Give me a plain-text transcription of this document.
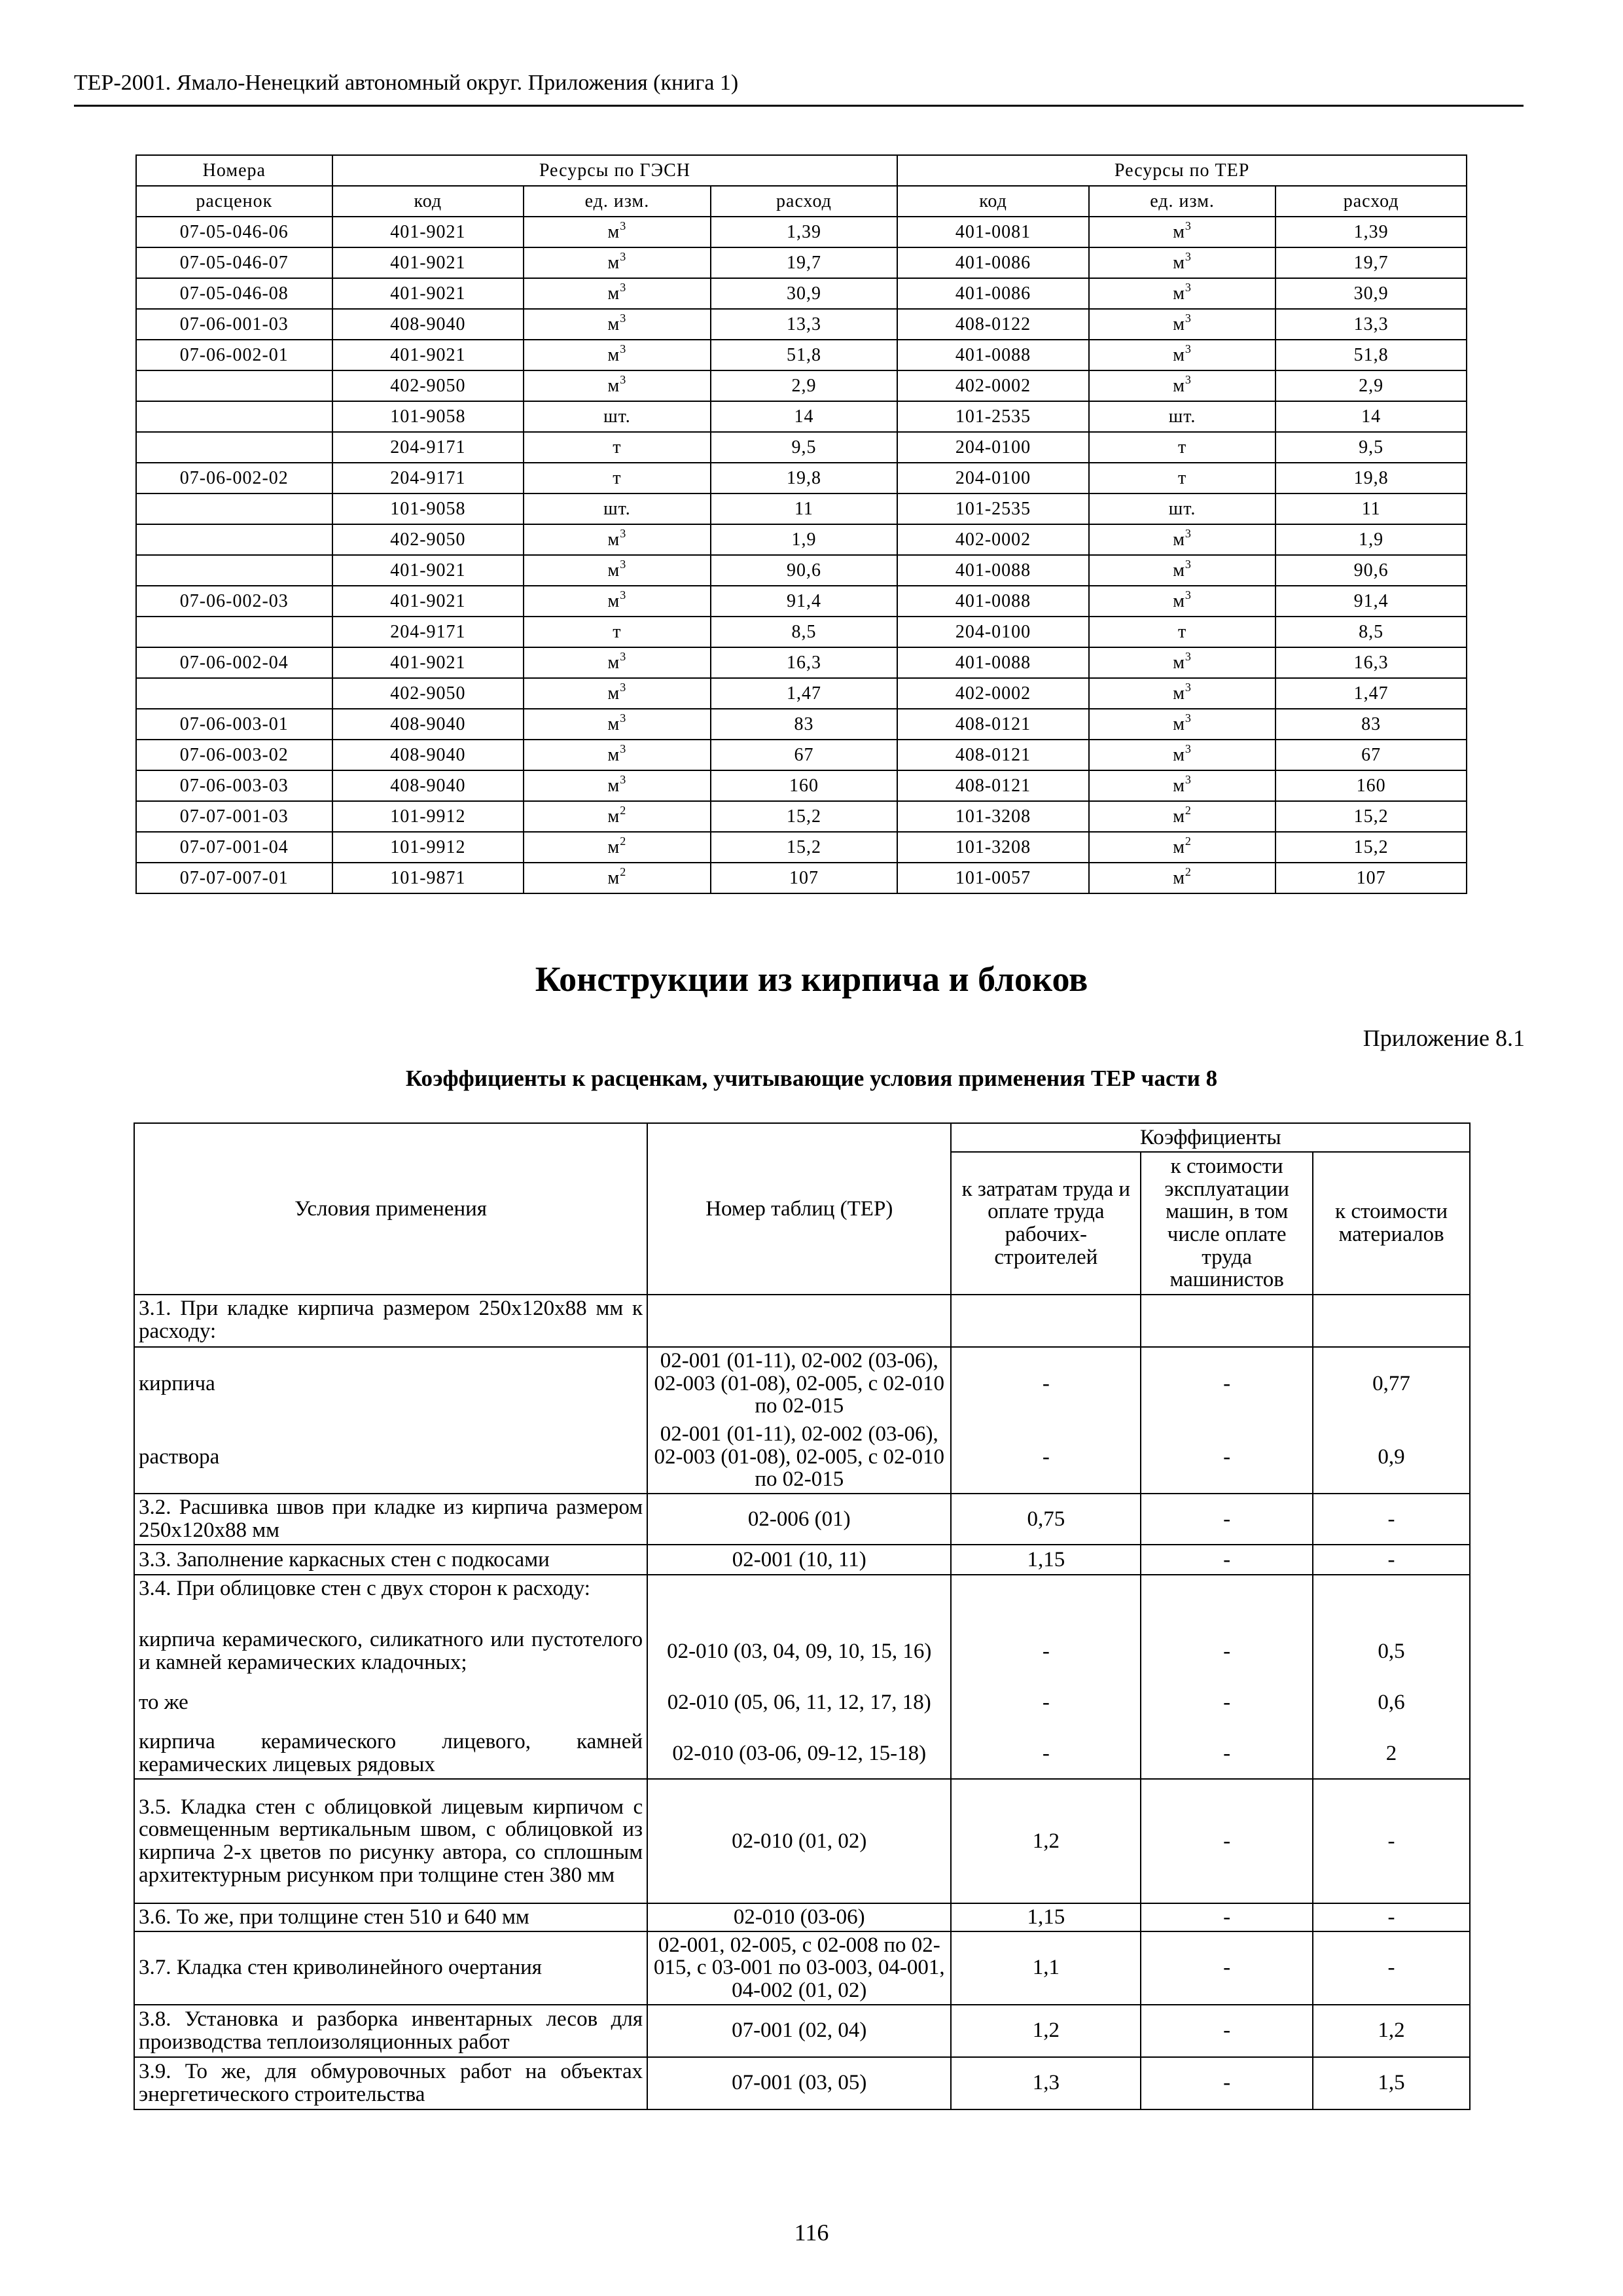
ТЕР-2001. Ямало-Ненецкий автономный округ. Приложения (книга 1)
Номера	Ресурсы по ГЭСН			Ресурсы по ТЕР		
расценок	код	ед. изм.	расход	код	ед. изм.	расход
07-05-046-06	401-9021	$м^3$	1,39	401-0081	$м^3$	1,39
07-05-046-07	401-9021	$м^3$	19,7	401-0086	$м^3$	19,7
07-05-046-08	401-9021	$м^3$	30,9	401-0086	$м^3$	30,9
07-06-001-03	408-9040	$м^3$	13,3	408-0122	$м^3$	13,3
07-06-002-01	401-9021	$м^3$	51,8	401-0088	$м^3$	51,8
	402-9050	$м^3$	2,9	402-0002	$м^3$	2,9
	101-9058	шт.	14	101-2535	шт.	14
	204-9171	т	9,5	204-0100	т	9,5
07-06-002-02	204-9171	т	19,8	204-0100	т	19,8
	101-9058	шт.	11	101-2535	шт.	11
	402-9050	$м^3$	1,9	402-0002	$м^3$	1,9
	401-9021	$м^3$	90,6	401-0088	$м^3$	90,6
07-06-002-03	401-9021	$м^3$	91,4	401-0088	$м^3$	91,4
	204-9171	т	8,5	204-0100	т	8,5
07-06-002-04	401-9021	$м^3$	16,3	401-0088	$м^3$	16,3
	402-9050	$м^3$	1,47	402-0002	$м^3$	1,47
07-06-003-01	408-9040	$м^3$	83	408-0121	$м^3$	83
07-06-003-02	408-9040	$м^3$	67	408-0121	$м^3$	67
07-06-003-03	408-9040	$м^3$	160	408-0121	$м^3$	160
07-07-001-03	101-9912	$м^2$	15,2	101-3208	$м^2$	15,2
07-07-001-04	101-9912	$м^2$	15,2	101-3208	$м^2$	15,2
07-07-007-01	101-9871	$м^2$	107	101-0057	$м^2$	107
Конструкции из кирпича и блоков
Приложение 8.1
Коэффициенты к расценкам, учитывающие условия применения ТЕР части 8
Условия применения	Номер таблиц (ТЕР)	Коэффициенты		
		к затратам труда и оплате труда рабочих-строителей	к стоимости эксплуатации машин, в том числе оплате труда машинистов	к стоимости материалов
3.1. При кладке кирпича размером 250х120х88 мм к расходу:				
кирпича	02-001 (01-11), 02-002 (03-06), 02-003 (01-08), 02-005, с 02-010 по 02-015	-	-	0,77
раствора	02-001 (01-11), 02-002 (03-06), 02-003 (01-08), 02-005, с 02-010 по 02-015	-	-	0,9
3.2. Расшивка швов при кладке из кирпича размером 250х120х88 мм	02-006 (01)	0,75	-	-
3.3. Заполнение каркасных стен с подкосами	02-001 (10, 11)	1,15	-	-
3.4. При облицовке стен с двух сторон к расходу:				
кирпича керамического, силикатного или пустотелого и камней керамических кладочных;	02-010 (03, 04, 09, 10, 15, 16)	-	-	0,5
то же	02-010 (05, 06, 11, 12, 17, 18)	-	-	0,6
кирпича керамического лицевого, камней керамических лицевых рядовых	02-010 (03-06, 09-12, 15-18)	-	-	2
3.5. Кладка стен с облицовкой лицевым кирпичом с совмещенным вертикальным швом, с облицовкой из кирпича 2-х цветов по рисунку автора, со сплошным архитектурным рисунком при толщине стен 380 мм	02-010 (01, 02)	1,2	-	-
3.6. То же, при толщине стен 510 и 640 мм	02-010 (03-06)	1,15	-	-
3.7. Кладка стен криволинейного очертания	02-001, 02-005, с 02-008 по 02-015, с 03-001 по 03-003, 04-001, 04-002 (01, 02)	1,1	-	-
3.8. Установка и разборка инвентарных лесов для производства теплоизоляционных работ	07-001 (02, 04)	1,2	-	1,2
3.9. То же, для обмуровочных работ на объектах энергетического строительства	07-001 (03, 05)	1,3	-	1,5
116
